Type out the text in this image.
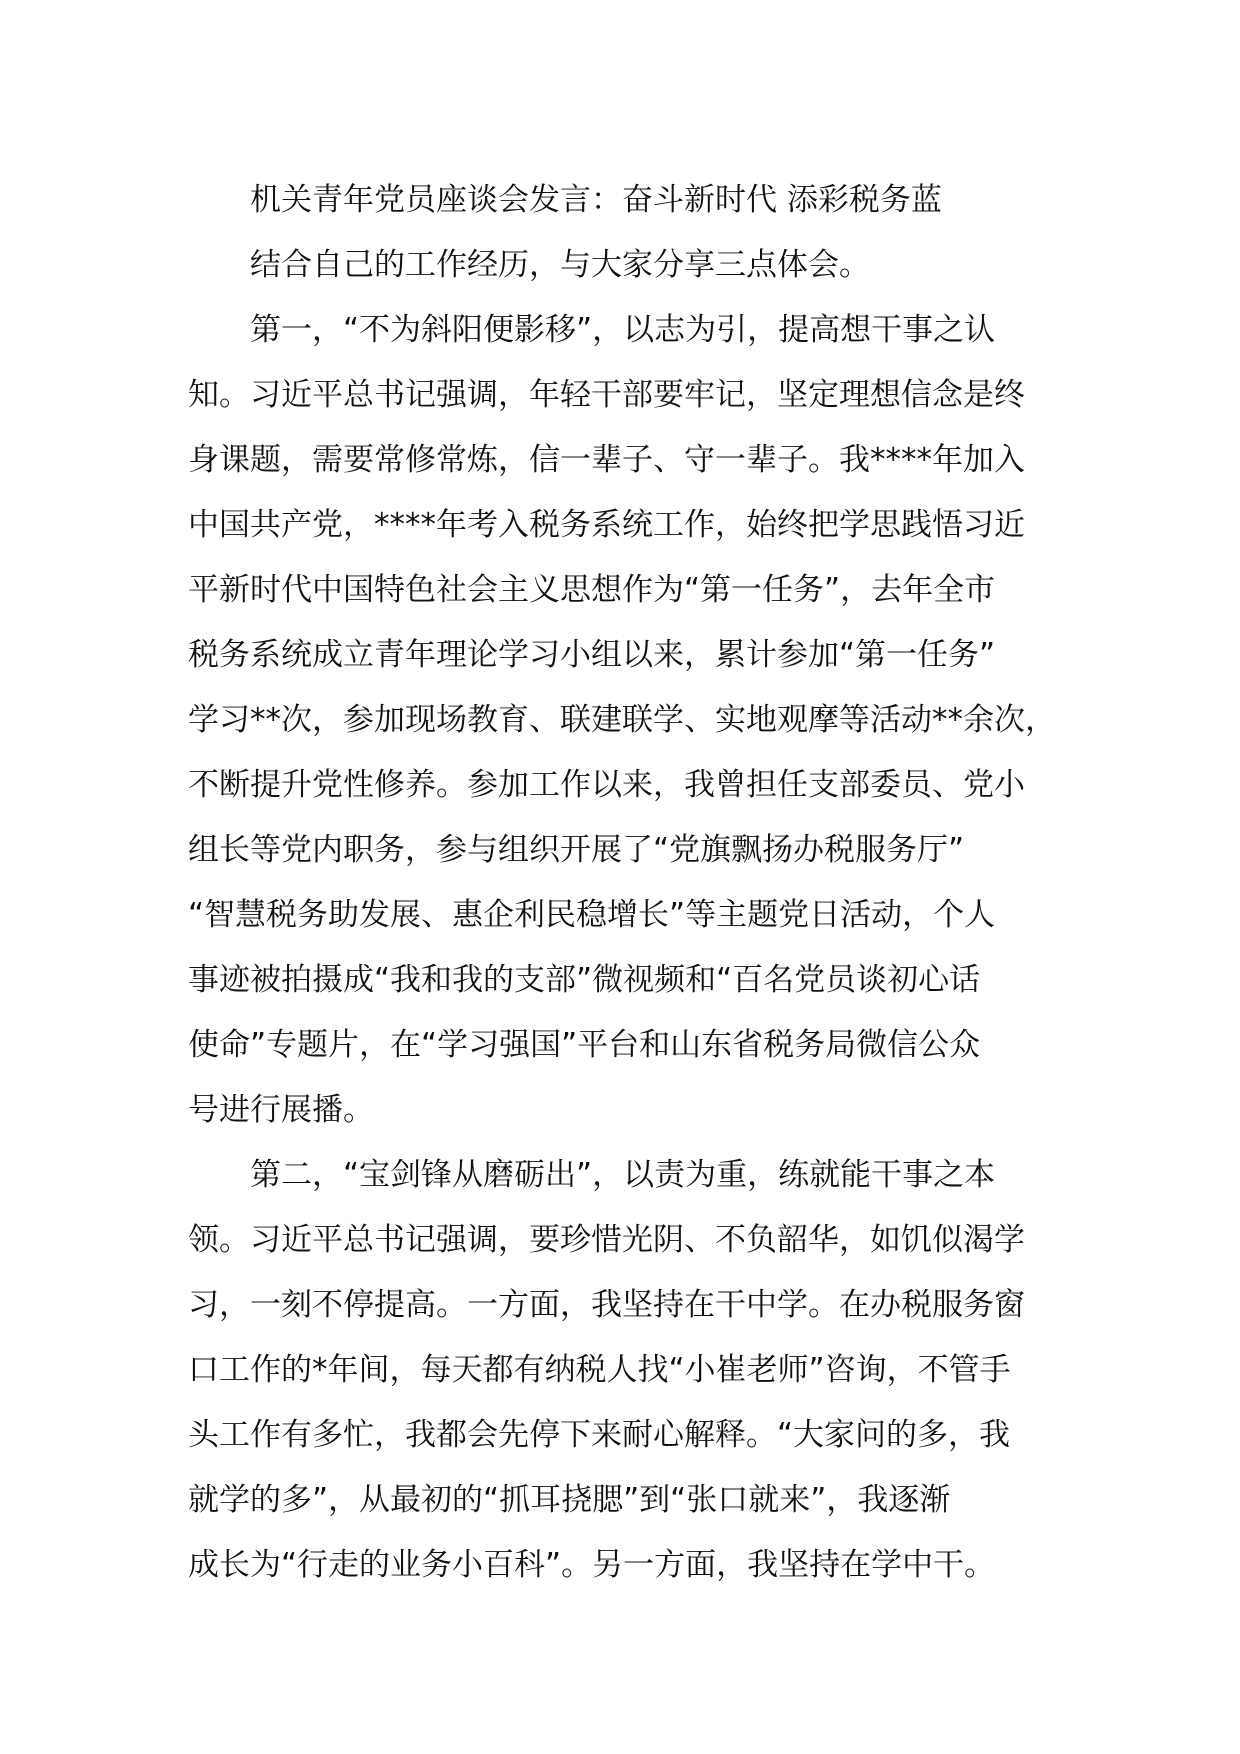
机关青年党员座谈会发言：奋斗新时代 添彩税务蓝
结合自己的工作经历，与大家分享三点体会。
第一，“不为斜阳便影移”，以志为引，提高想干事之认
知。习近平总书记强调，年轻干部要牢记，坚定理想信念是终
身课题，需要常修常炼，信一辈子、守一辈子。我****年加入
中国共产党，****年考入税务系统工作，始终把学思践悟习近
平新时代中国特色社会主义思想作为“第一任务”，去年全市
税务系统成立青年理论学习小组以来，累计参加“第一任务”
学习**次，参加现场教育、联建联学、实地观摩等活动**余次，
不断提升党性修养。参加工作以来，我曾担任支部委员、党小
组长等党内职务，参与组织开展了“党旗飘扬办税服务厅”
“智慧税务助发展、惠企利民稳增长”等主题党日活动，个人
事迹被拍摄成“我和我的支部”微视频和“百名党员谈初心话
使命”专题片，在“学习强国”平台和山东省税务局微信公众
号进行展播。
第二，“宝剑锋从磨砺出”，以责为重，练就能干事之本
领。习近平总书记强调，要珍惜光阴、不负韶华，如饥似渴学
习，一刻不停提高。一方面，我坚持在干中学。在办税服务窗
口工作的*年间，每天都有纳税人找“小崔老师”咨询，不管手
头工作有多忙，我都会先停下来耐心解释。“大家问的多，我
就学的多”，从最初的“抓耳挠腮”到“张口就来”，我逐渐
成长为“行走的业务小百科”。另一方面，我坚持在学中干。
